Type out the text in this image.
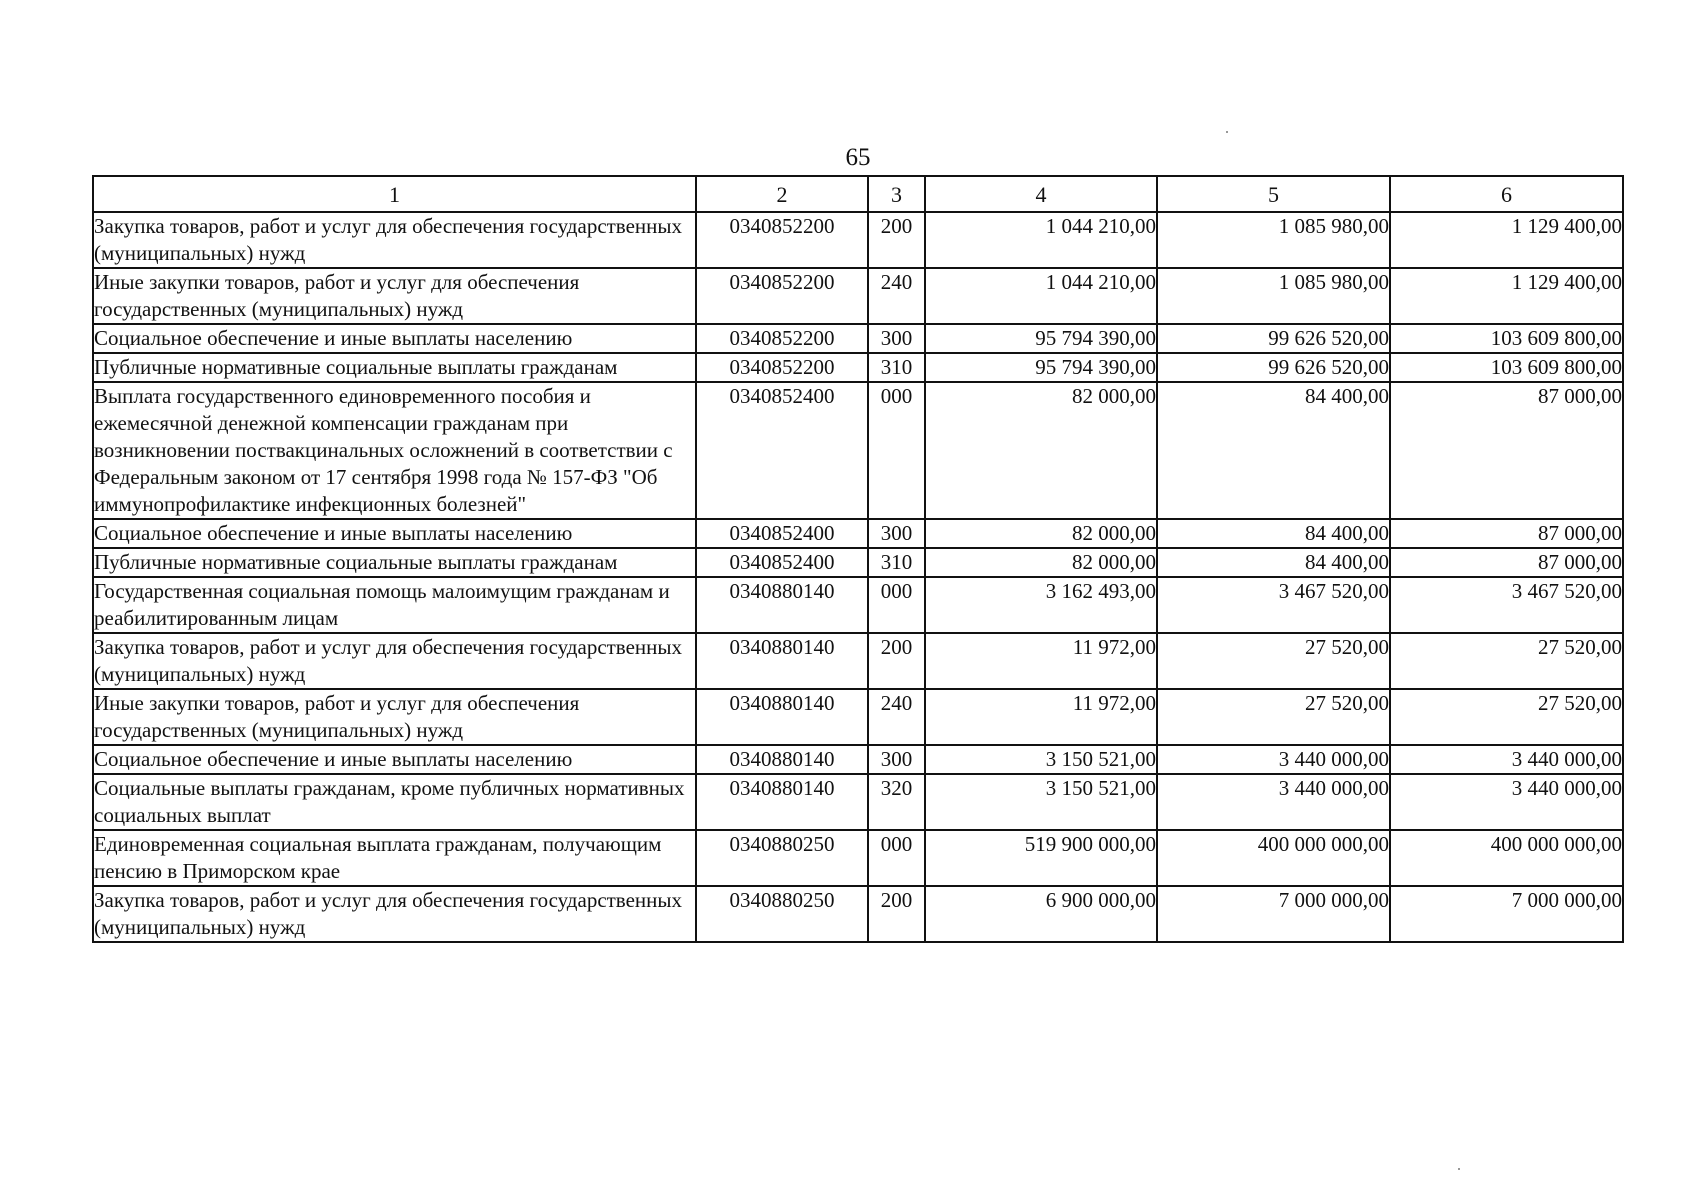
65
1	2	3	4	5	6
Закупка товаров, работ и услуг для обеспечения государственных (муниципальных) нужд	0340852200	200	1 044 210,00	1 085 980,00	1 129 400,00
Иные закупки товаров, работ и услуг для обеспечения государственных (муниципальных) нужд	0340852200	240	1 044 210,00	1 085 980,00	1 129 400,00
Социальное обеспечение и иные выплаты населению	0340852200	300	95 794 390,00	99 626 520,00	103 609 800,00
Публичные нормативные социальные выплаты гражданам	0340852200	310	95 794 390,00	99 626 520,00	103 609 800,00
Выплата государственного единовременного пособия и ежемесячной денежной компенсации гражданам при возникновении поствакцинальных осложнений в соответствии с Федеральным законом от 17 сентября 1998 года № 157-ФЗ "Об иммунопрофилактике инфекционных болезней"	0340852400	000	82 000,00	84 400,00	87 000,00
Социальное обеспечение и иные выплаты населению	0340852400	300	82 000,00	84 400,00	87 000,00
Публичные нормативные социальные выплаты гражданам	0340852400	310	82 000,00	84 400,00	87 000,00
Государственная социальная помощь малоимущим гражданам и реабилитированным лицам	0340880140	000	3 162 493,00	3 467 520,00	3 467 520,00
Закупка товаров, работ и услуг для обеспечения государственных (муниципальных) нужд	0340880140	200	11 972,00	27 520,00	27 520,00
Иные закупки товаров, работ и услуг для обеспечения государственных (муниципальных) нужд	0340880140	240	11 972,00	27 520,00	27 520,00
Социальное обеспечение и иные выплаты населению	0340880140	300	3 150 521,00	3 440 000,00	3 440 000,00
Социальные выплаты гражданам, кроме публичных нормативных социальных выплат	0340880140	320	3 150 521,00	3 440 000,00	3 440 000,00
Единовременная социальная выплата гражданам, получающим пенсию в Приморском крае	0340880250	000	519 900 000,00	400 000 000,00	400 000 000,00
Закупка товаров, работ и услуг для обеспечения государственных (муниципальных) нужд	0340880250	200	6 900 000,00	7 000 000,00	7 000 000,00
